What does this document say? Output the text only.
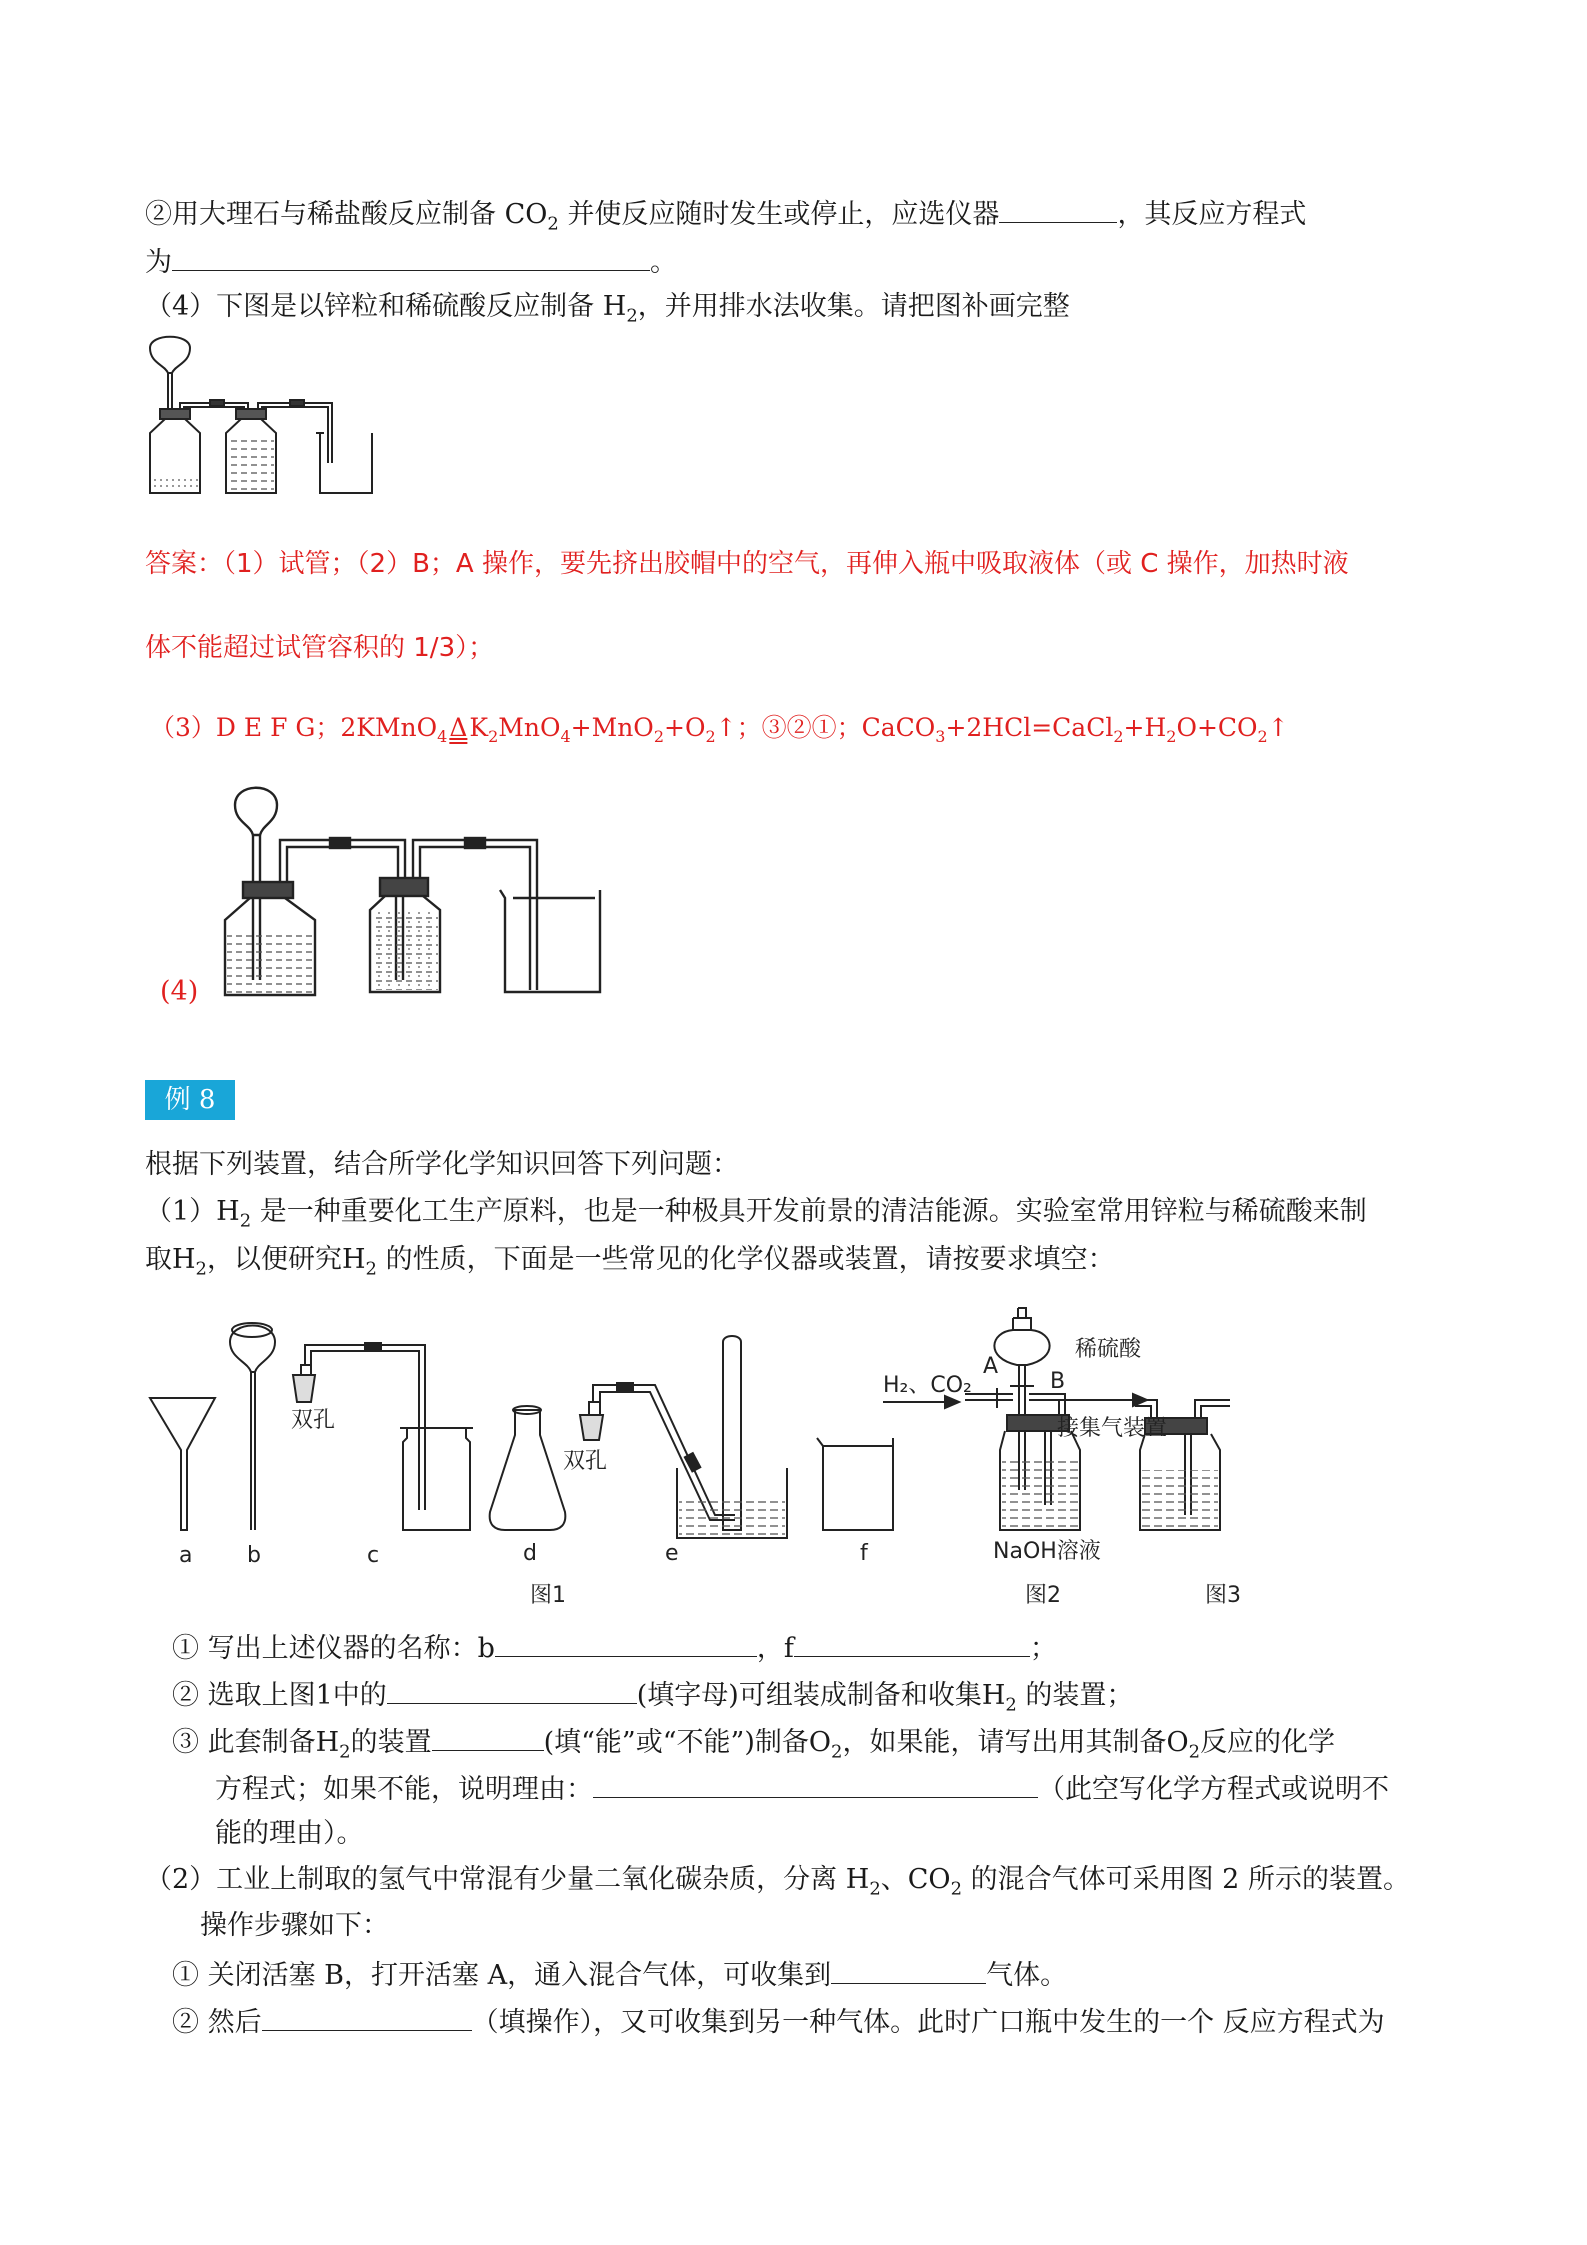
②用大理石与稀盐酸反应制备 $CO_2$ 并使反应随时发生或停止，应选仪器	，其反应方程式
为	。
（4）下图是以锌粒和稀硫酸反应制备 $H_2$，并用排水法收集。请把图补画完整
答案：（1）试管；（2）B；A 操作，要先挤出胶帽中的空气，再伸入瓶中吸取液体（或 C 操作，加热时液
体不能超过试管容积的 1/3）；
（3）D E F G；$2KMnO_4\Delta K_2MnO_4+MnO_2+O_2↑$；③②①；$CaCO_3+2HCl=CaCl_2+H_2O+CO_2↑$
(4)
例 8
根据下列装置，结合所学化学知识回答下列问题：
$(1)H_2$ 是一种重要化工生产原料，也是一种极具开发前景的清洁能源。实验室常用锌粒与稀硫酸来制
取$H_2$，以便研究$H_2$ 的性质，下面是一些常见的化学仪器或装置，请按要求填空：
a b	c	d	e	f
双孔
双孔
图1	图2	图3
H₂、CO₂
A
B
稀硫酸
接集气装置
NaOH溶液
① 写出上述仪器的名称：b	，f	；
② 选取上图1中的	(填字母)可组装成制备和收集$H_2$ 的装置；
③ 此套制备$H_2$的装置	(填“能”或“不能”)制备$O_2$，如果能，请写出用其制备$O_2$反应的化学
方程式；如果不能，说明理由：	（此空写化学方程式或说明不
能的理由）。
（2）工业上制取的氢气中常混有少量二氧化碳杂质，分离 $H_2$、$CO_2$ 的混合气体可采用图 2 所示的装置。
操作步骤如下：
① 关闭活塞 B，打开活塞 A，通入混合气体，可收集到	气体。
② 然后	（填操作），又可收集到另一种气体。此时广口瓶中发生的一个 反应方程式为
